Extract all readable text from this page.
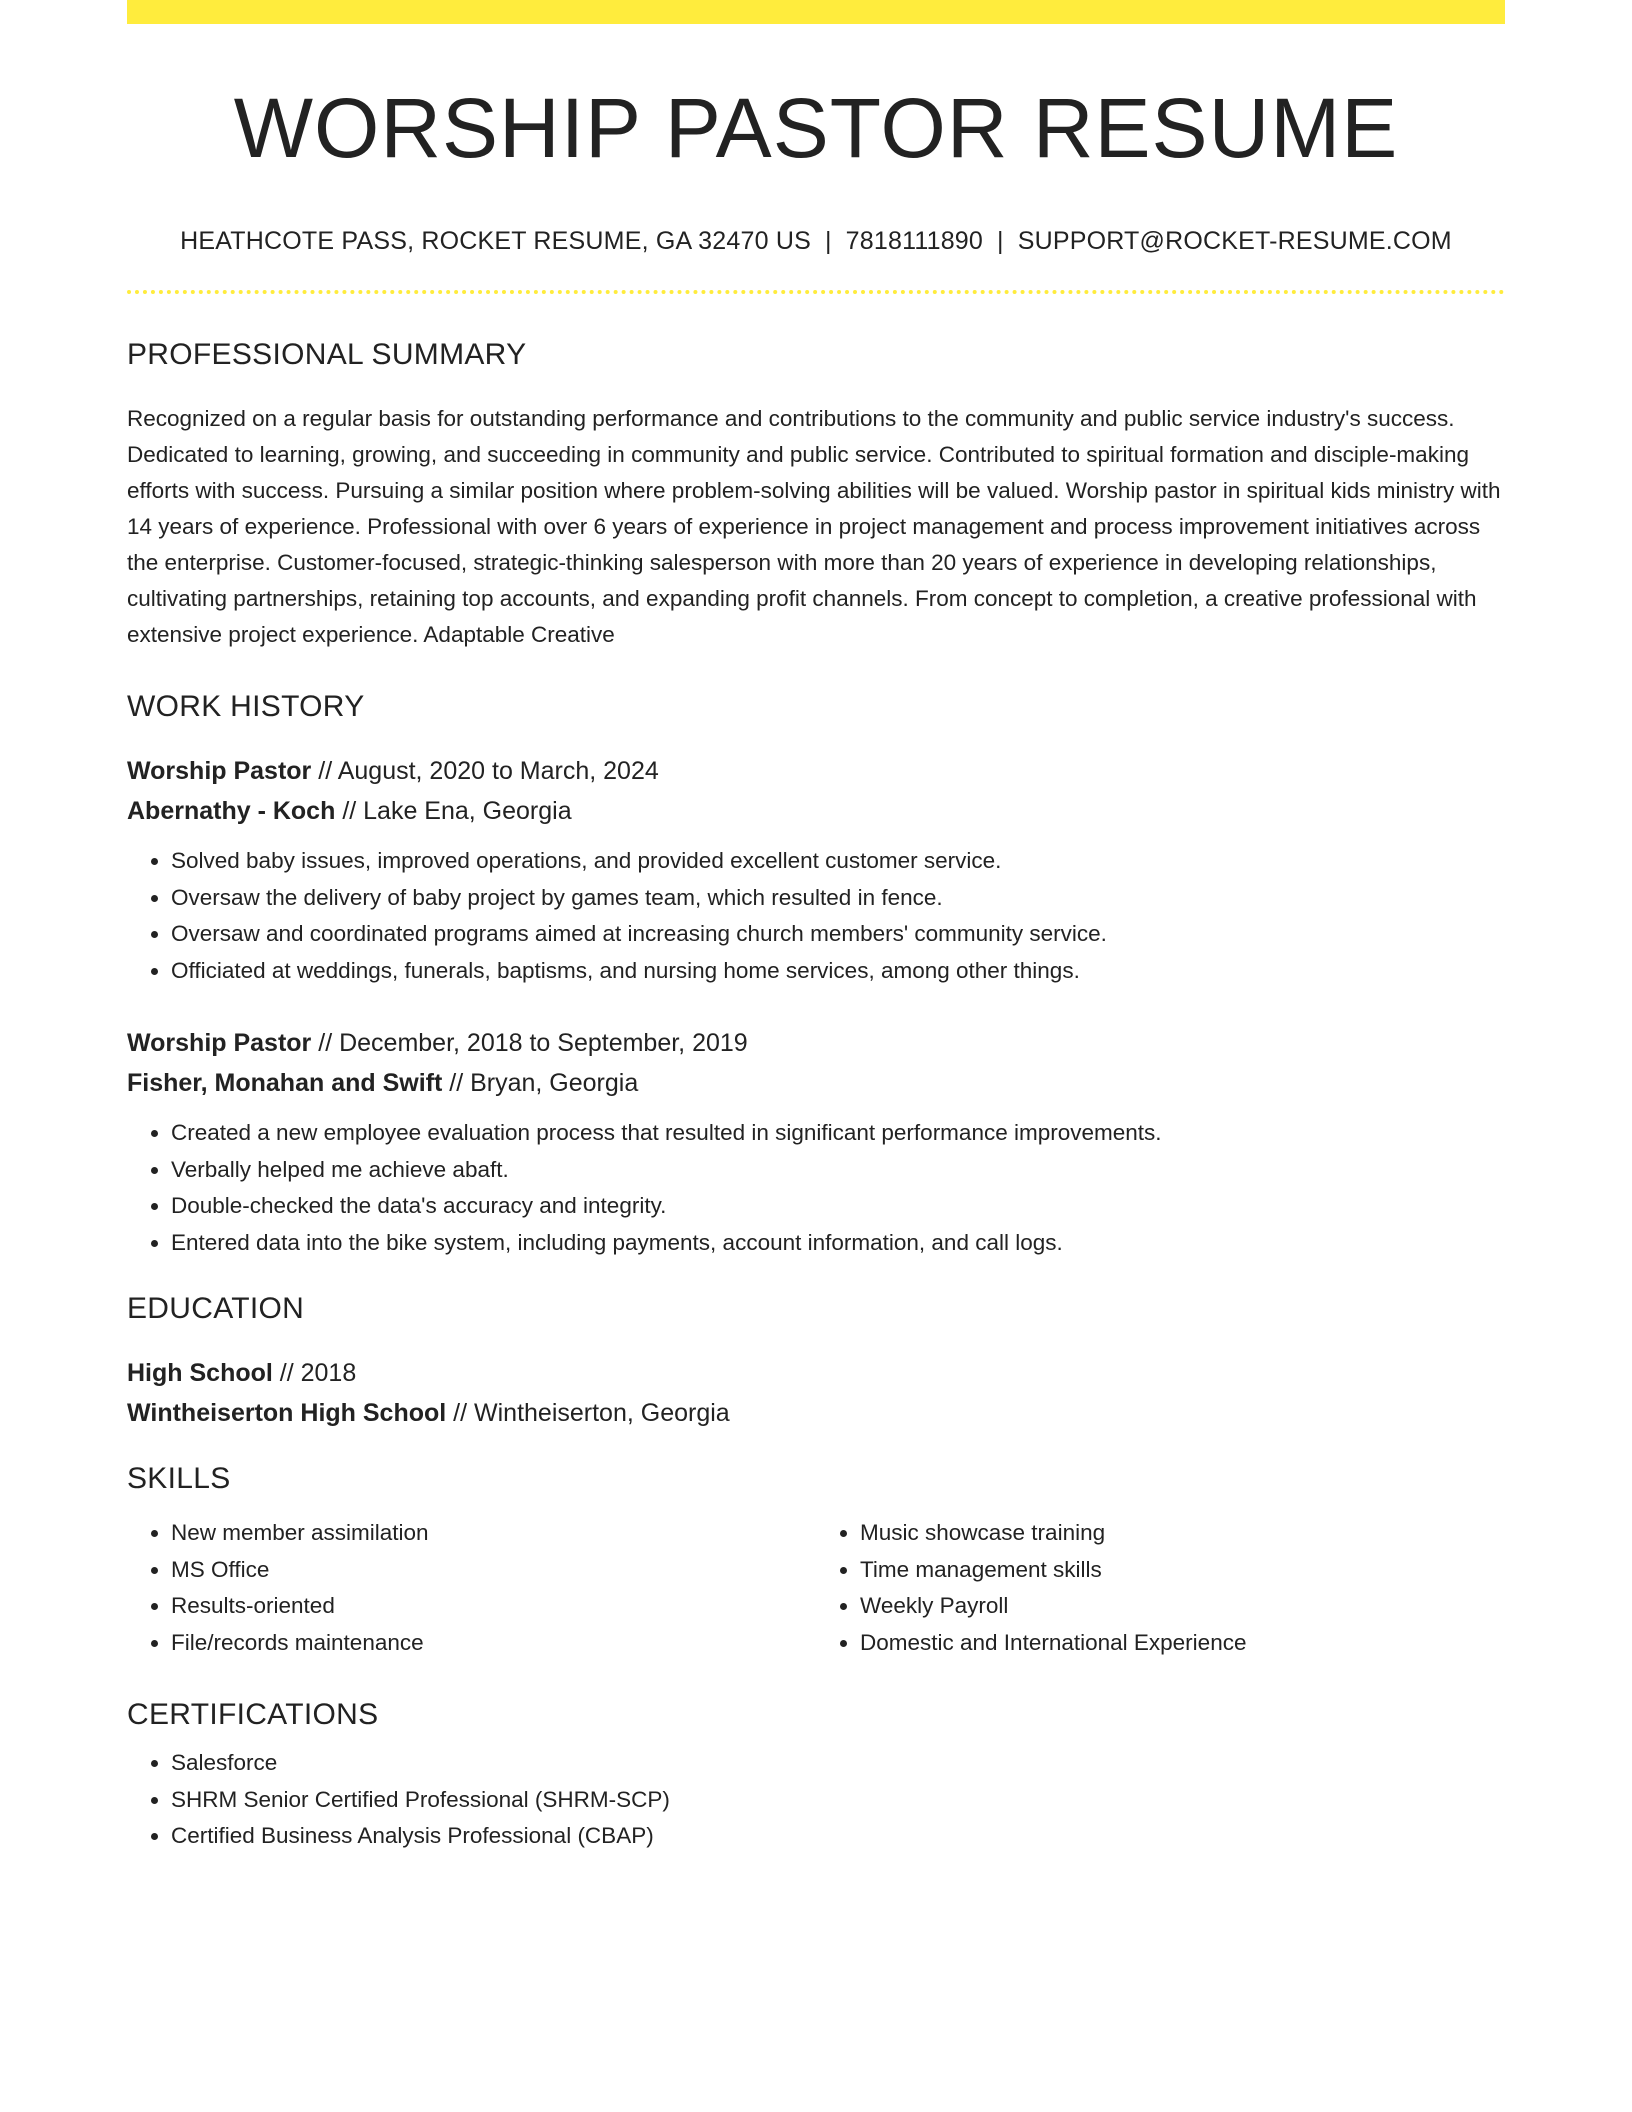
WORSHIP PASTOR RESUME
HEATHCOTE PASS, ROCKET RESUME, GA 32470 US | 7818111890 | SUPPORT@ROCKET-RESUME.COM
PROFESSIONAL SUMMARY

Recognized on a regular basis for outstanding performance and contributions to the community and public service industry's success. Dedicated to learning, growing, and succeeding in community and public service. Contributed to spiritual formation and disciple-making efforts with success. Pursuing a similar position where problem-solving abilities will be valued. Worship pastor in spiritual kids ministry with 14 years of experience. Professional with over 6 years of experience in project management and process improvement initiatives across the enterprise. Customer-focused, strategic-thinking salesperson with more than 20 years of experience in developing relationships, cultivating partnerships, retaining top accounts, and expanding profit channels. From concept to completion, a creative professional with extensive project experience. Adaptable Creative

WORK HISTORY
Worship Pastor // August, 2020 to March, 2024
Abernathy - Koch // Lake Ena, Georgia
• Solved baby issues, improved operations, and provided excellent customer service.
• Oversaw the delivery of baby project by games team, which resulted in fence.
• Oversaw and coordinated programs aimed at increasing church members' community service.
• Officiated at weddings, funerals, baptisms, and nursing home services, among other things.
Worship Pastor // December, 2018 to September, 2019
Fisher, Monahan and Swift // Bryan, Georgia
• Created a new employee evaluation process that resulted in significant performance improvements.
• Verbally helped me achieve abaft.
• Double-checked the data's accuracy and integrity.
• Entered data into the bike system, including payments, account information, and call logs.
EDUCATION
High School // 2018
Wintheiserton High School // Wintheiserton, Georgia
SKILLS
• New member assimilation
• MS Office
• Results-oriented
• File/records maintenance
• Music showcase training
• Time management skills
• Weekly Payroll
• Domestic and International Experience
CERTIFICATIONS
• Salesforce
• SHRM Senior Certified Professional (SHRM-SCP)
• Certified Business Analysis Professional (CBAP)
